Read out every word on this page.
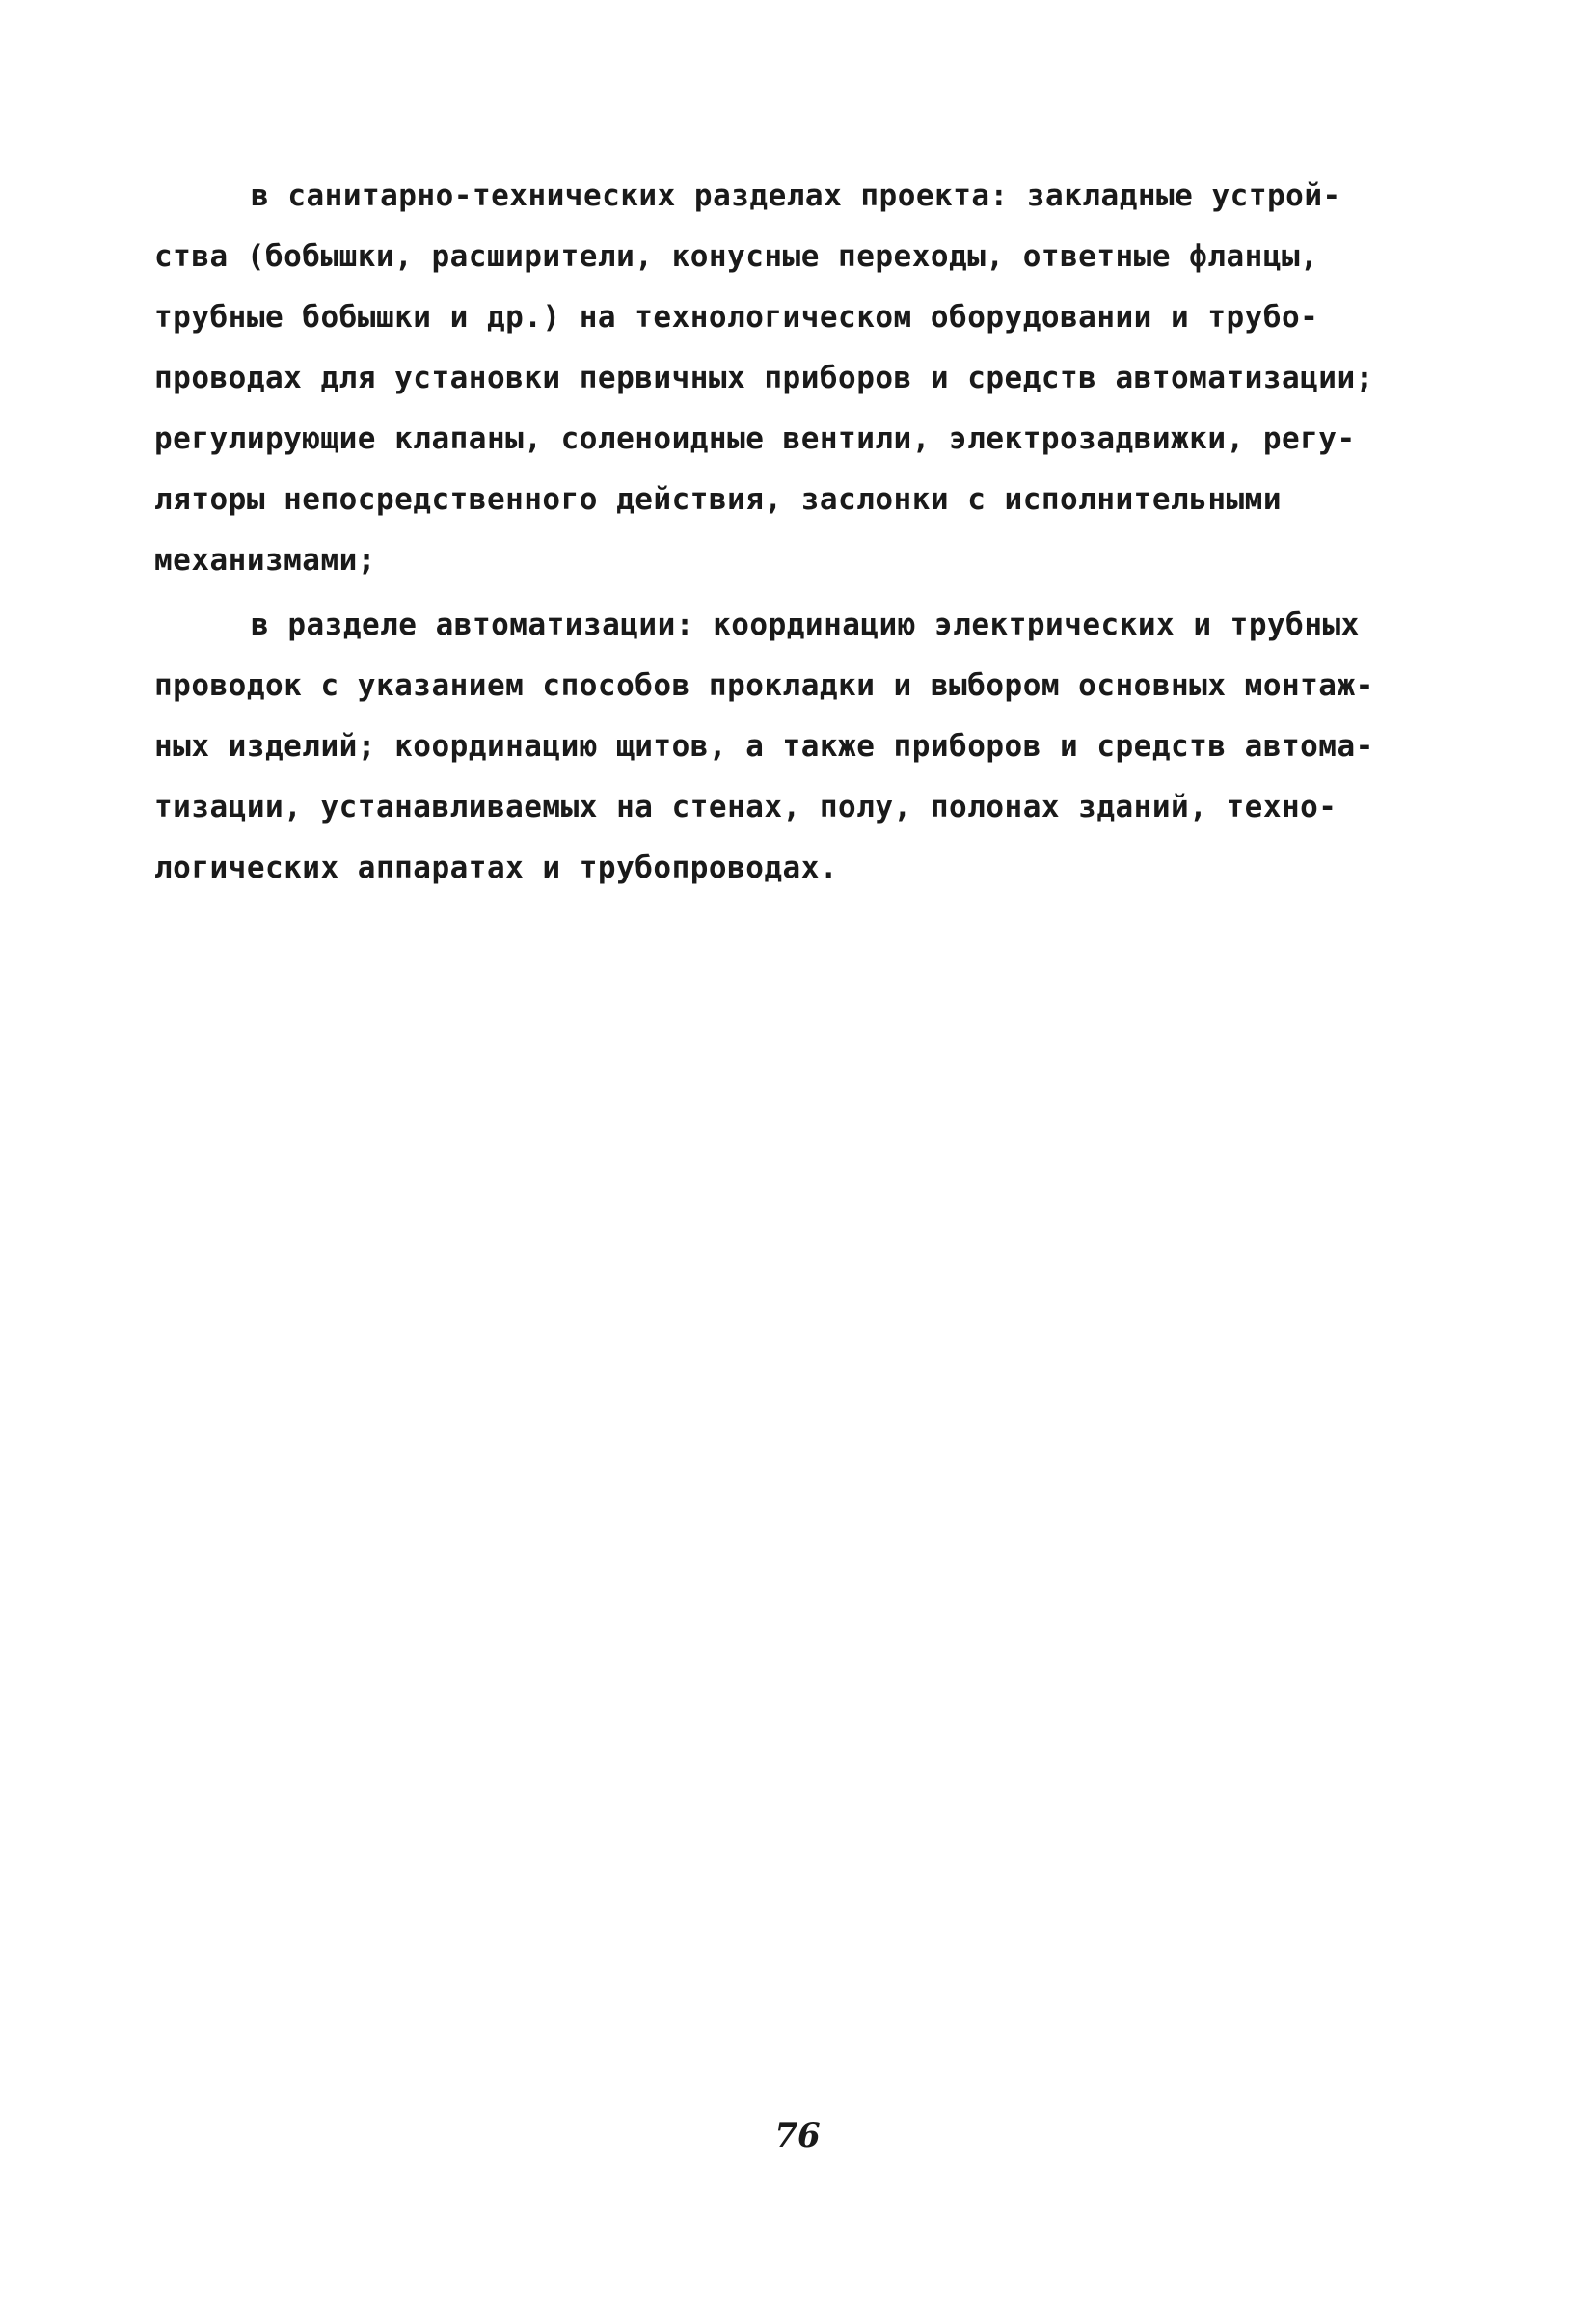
в санитарно-технических разделах проекта: закладные устрой-
ства (бобышки, расширители, конусные переходы, ответные фланцы,
трубные бобышки и др.) на технологическом оборудовании и трубо-
проводах для установки первичных приборов и средств автоматизации;
регулирующие клапаны, соленоидные вентили, электрозадвижки, регу-
ляторы непосредственного действия, заслонки с исполнительными
механизмами;
в разделе автоматизации: координацию электрических и трубных
проводок с указанием способов прокладки и выбором основных монтаж-
ных изделий; координацию щитов, а также приборов и средств автома-
тизации, устанавливаемых на стенах, полу, полонах зданий, техно-
логических аппаратах и трубопроводах.
76
